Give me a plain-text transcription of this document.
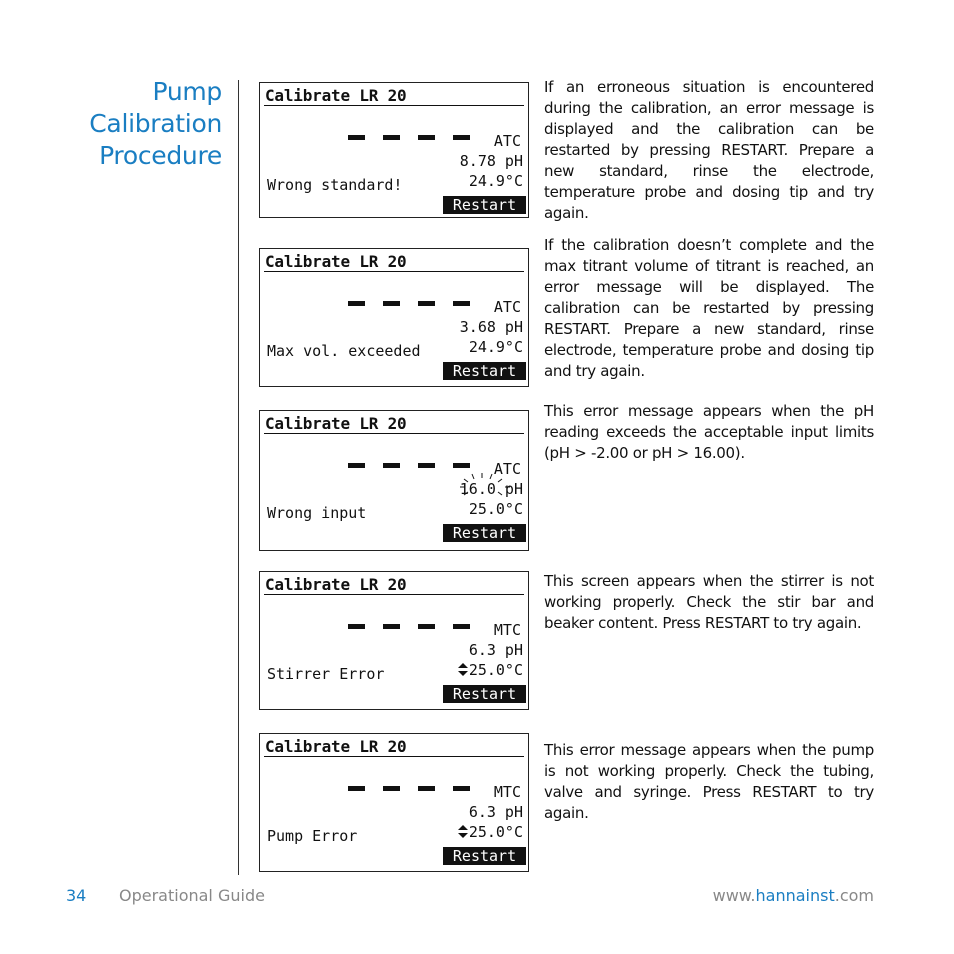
Pump
Calibration
Procedure
Calibrate LR 20
ATC
8.78 pH
24.9°C
Wrong standard!
Restart
If an erroneous situation is encountered during the calibration, an error message is displayed and the calibration can be restarted by pressing RESTART. Prepare a new standard, rinse the electrode, temperature probe and dosing tip and try again.
Calibrate LR 20
ATC
3.68 pH
24.9°C
Max vol. exceeded
Restart
If the calibration doesn’t complete and the max titrant volume of titrant is reached, an error message will be displayed. The calibration can be restarted by pressing RESTART. Prepare a new standard, rinse electrode, temperature probe and dosing tip and try again.
Calibrate LR 20
ATC
16.0 pH
25.0°C
Wrong input
Restart
This error message appears when the pH reading exceeds the acceptable input limits (pH > -2.00 or pH > 16.00).
Calibrate LR 20
MTC
6.3 pH
25.0°C
Stirrer Error
Restart
This screen appears when the stirrer is not working properly. Check the stir bar and beaker content. Press RESTART to try again.
Calibrate LR 20
MTC
6.3 pH
25.0°C
Pump Error
Restart
This error message appears when the pump is not working properly. Check the tubing, valve and syringe. Press RESTART to try again.
34 Operational Guide	www.hannainst.com
